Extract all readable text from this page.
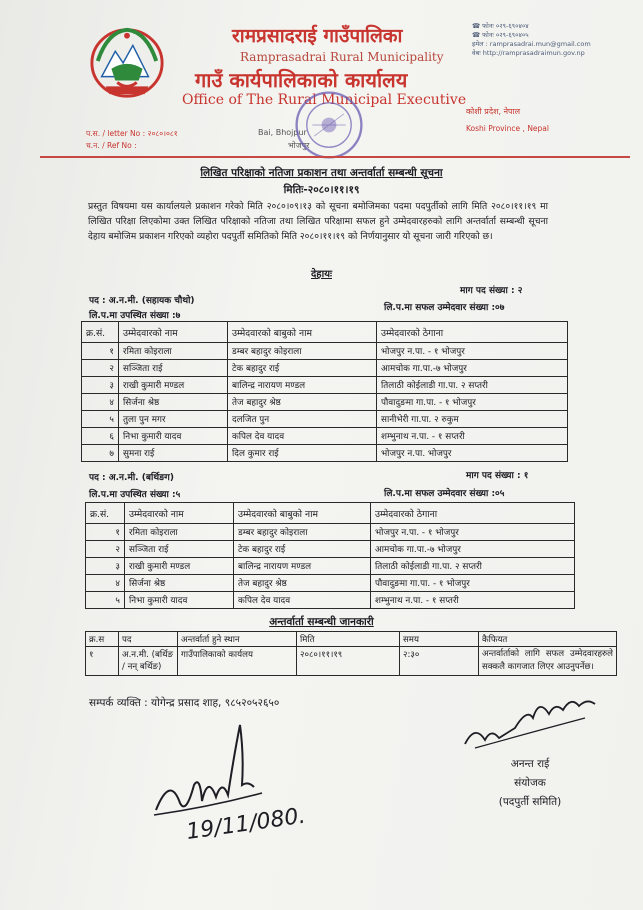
रामप्रसादराई गाउँपालिका
Ramprasadrai Rural Municipality
गाउँ कार्यपालिकाको कार्यालय
Office of The Rural Municipal Executive
Bai, Bhojpur
भोजपुर
☎ फोनः ०२९-६९०४०४
☎ फोनः ०२९-६९०४०५
इमेल : ramprasadrai.mun@gmail.com
वेबः http://ramprasadraimun.gov.np
कोशी प्रदेश, नेपाल
Koshi Province , Nepal
प.स. / letter No : २०८०।०८१
च.न. / Ref No :
लिखित परिक्षाको नतिजा प्रकाशन तथा अन्तर्वार्ता सम्बन्धी सूचना
मितिः-२०८०।११।१९
प्रस्तुत विषयमा यस कार्यालयले प्रकाशन गरेको मिति २०८०।०९।१३ को सूचना बमोजिमका पदमा पदपुर्तीको लागि मिति २०८०।११।१९ मा लिखित परिक्षा लिएकोमा उक्त लिखित परिक्षाको नतिजा तथा लिखित परिक्षामा सफल हुने उम्मेदवारहरुको लागि अन्तर्वार्ता सम्बन्धी सूचना देहाय बमोजिम प्रकाशन गरिएको व्यहोरा पदपुर्ती समितिको मिति २०८०।११।१९ को निर्णयानुसार यो सूचना जारी गरिएको छ।
देहायः
माग पद संख्या : २
पद : अ.न.मी. (सहायक चौथो)
लि.प.मा उपस्थित संख्या :७
लि.प.मा सफल उम्मेदवार संख्या :०७
क्र.सं.	उम्मेदवारको नाम	उम्मेदवारको बाबुको नाम	उम्मेदवारको ठेगाना
१	रमिता कोइराला	डम्बर बहादुर कोइराला	भोजपुर न.पा. - १ भोजपुर
२	सञ्जिता राई	टेक बहादुर राई	आमचोक गा.पा.-७ भोजपुर
३	राखी कुमारी मण्डल	बालिन्द्र नारायण मण्डल	तिलाठी कोईलाडी गा.पा. २ सप्तरी
४	सिर्जना श्रेष्ठ	तेज बहादुर श्रेष्ठ	पौवादुङमा गा.पा. - १ भोजपुर
५	तुला पुन मगर	दलजित पुन	सानीभेरी गा.पा. २ रुकुम
६	निभा कुमारी यादव	कपिल देव यादव	शम्भुनाथ न.पा. - १ सप्तरी
७	सुमना राई	दिल कुमार राई	भोजपुर न.पा. भोजपुर
पद : अ.न.मी. (बर्थिङग)	माग पद संख्या : १
लि.प.मा उपस्थित संख्या :५	लि.प.मा सफल उम्मेदवार संख्या :०५
क्र.सं.	उम्मेदवारको नाम	उम्मेदवारको बाबुको नाम	उम्मेदवारको ठेगाना
१	रमिता कोइराला	डम्बर बहादुर कोइराला	भोजपुर न.पा. - १ भोजपुर
२	सञ्जिता राई	टेक बहादुर राई	आमचोक गा.पा.-७ भोजपुर
३	राखी कुमारी मण्डल	बालिन्द्र नारायण मण्डल	तिलाठी कोईलाडी गा.पा. २ सप्तरी
४	सिर्जना श्रेष्ठ	तेज बहादुर श्रेष्ठ	पौवादुङमा गा.पा. - १ भोजपुर
५	निभा कुमारी यादव	कपिल देव यादव	शम्भुनाथ न.पा. - १ सप्तरी
अन्तर्वार्ता सम्बन्धी जानकारी
क्र.स	पद	अन्तर्वार्ता हुने स्थान	मिति	समय	कैफियत
१	अ.न.मी. (बर्थिङ / नन् बर्थिङ)	गाउँपालिकाको कार्यलय	२०८०।११।१९	२:३०	अन्तर्वार्ताको लागि सफल उम्मेदवारहरुले सक्कलै कागजात लिएर आउनुपर्नेछ।
सम्पर्क व्यक्ति : योगेन्द्र प्रसाद शाह, ९८५२०५२६५०
19/11/080.
अनन्त राई
संयोजक
(पदपुर्ती समिति)
